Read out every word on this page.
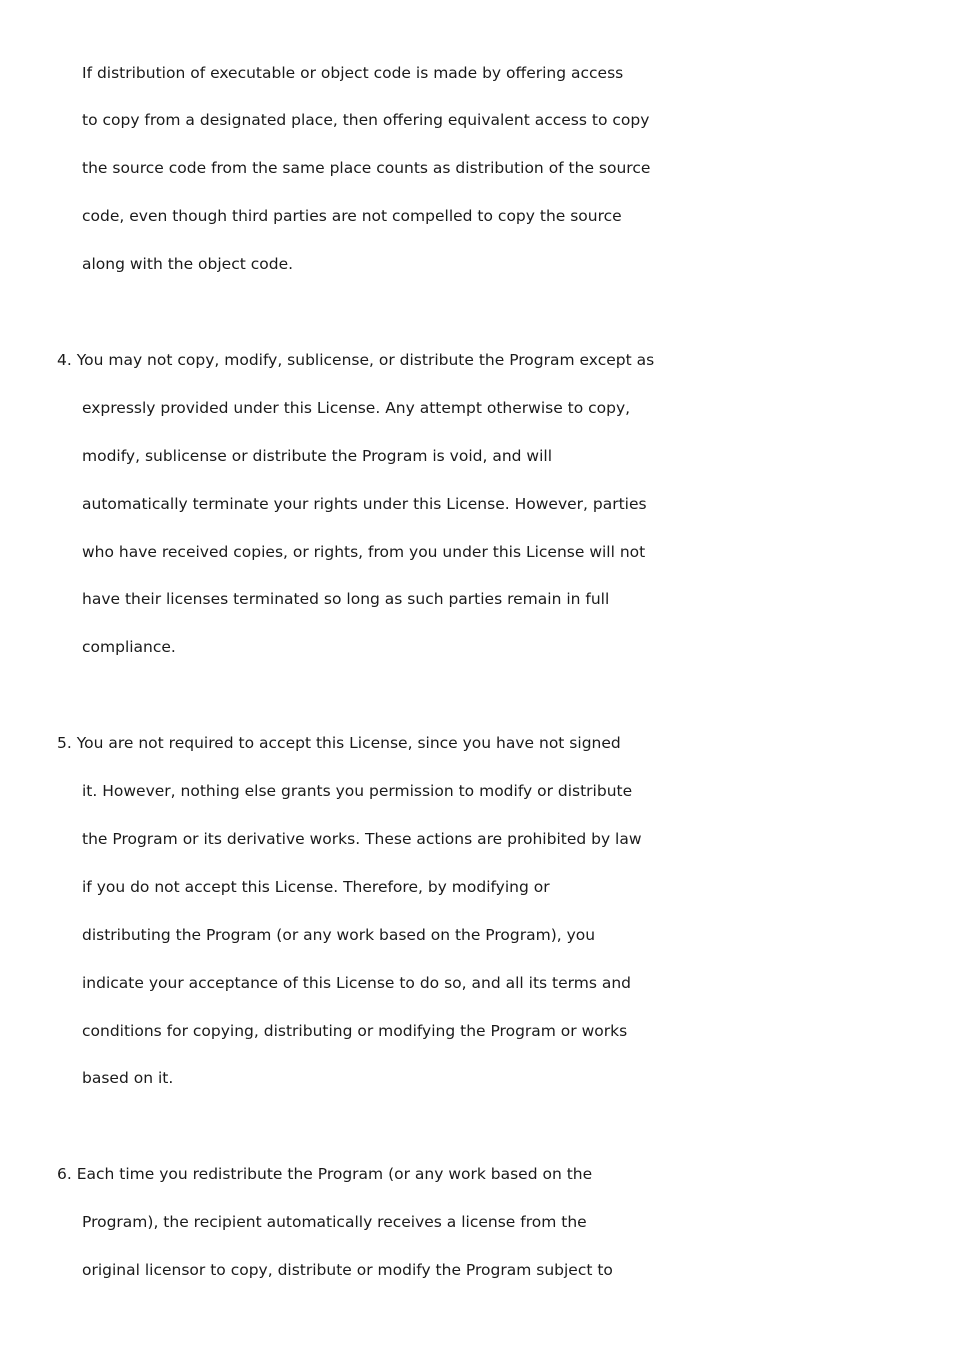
If distribution of executable or object code is made by offering access
to copy from a designated place, then offering equivalent access to copy
the source code from the same place counts as distribution of the source
code, even though third parties are not compelled to copy the source
along with the object code.
4. You may not copy, modify, sublicense, or distribute the Program except as
expressly provided under this License. Any attempt otherwise to copy,
modify, sublicense or distribute the Program is void, and will
automatically terminate your rights under this License. However, parties
who have received copies, or rights, from you under this License will not
have their licenses terminated so long as such parties remain in full
compliance.
5. You are not required to accept this License, since you have not signed
it. However, nothing else grants you permission to modify or distribute
the Program or its derivative works. These actions are prohibited by law
if you do not accept this License. Therefore, by modifying or
distributing the Program (or any work based on the Program), you
indicate your acceptance of this License to do so, and all its terms and
conditions for copying, distributing or modifying the Program or works
based on it.
6. Each time you redistribute the Program (or any work based on the
Program), the recipient automatically receives a license from the
original licensor to copy, distribute or modify the Program subject to
